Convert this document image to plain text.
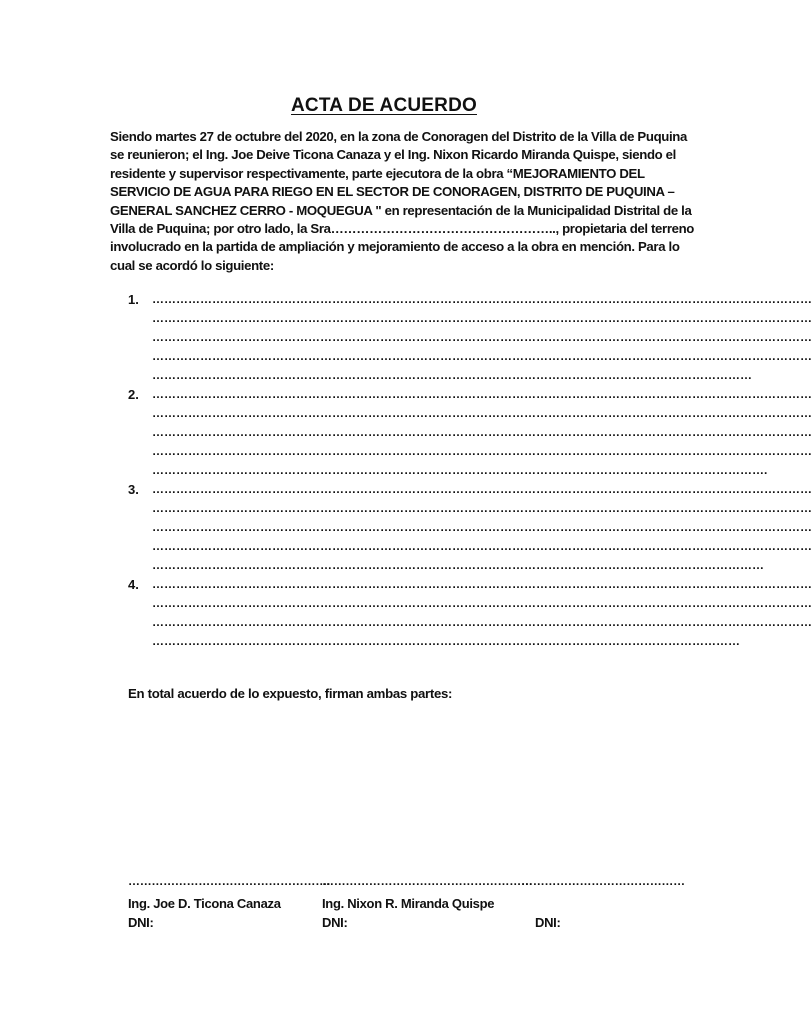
ACTA DE ACUERDO
Siendo martes 27 de octubre del 2020, en la zona de Conoragen del Distrito de la Villa de Puquina
se reunieron; el Ing. Joe Deive Ticona Canaza y el Ing. Nixon Ricardo Miranda Quispe, siendo el
residente y supervisor respectivamente, parte ejecutora de la obra “MEJORAMIENTO DEL
SERVICIO DE AGUA PARA RIEGO EN EL SECTOR DE CONORAGEN, DISTRITO DE PUQUINA –
GENERAL SANCHEZ CERRO - MOQUEGUA " en representación de la Municipalidad Distrital de la
Villa de Puquina; por otro lado, la Sra…………………………………………….., propietaria del terreno
involucrado en la partida de ampliación y mejoramiento de acceso a la obra en mención. Para lo
cual se acordó lo siguiente:
1. …………………………………………………………………………………………………………………………………………………
…………………………………………………………………………………………………………………………………………………
…………………………………………………………………………………………………………………………………………………
…………………………………………………………………………………………………………………………………………………
……………………………………………………………………………………………………………………………………
2. …………………………………………………………………………………………………………………………………………………
…………………………………………………………………………………………………………………………………………………
…………………………………………………………………………………………………………………………………………………
…………………………………………………………………………………………………………………………………………………
……………………………………………………………………………………………………………………………………….
3. …………………………………………………………………………………………………………………………………………………
…………………………………………………………………………………………………………………………………………………
…………………………………………………………………………………………………………………………………………………
…………………………………………………………………………………………………………………………………………………
………………………………………………………………………………………………………………………………………
4. …………………………………………………………………………………………………………………………………………………
…………………………………………………………………………………………………………………………………………………
…………………………………………………………………………………………………………………………………………………
…………………………………………………………………………………………………………………………………
En total acuerdo de lo expuesto, firman ambas partes:
…………………………………………….
Ing. Joe D. Ticona Canaza
DNI:
………………………………………………
Ing. Nixon R. Miranda Quispe
DNI:
……………………………………

DNI:
